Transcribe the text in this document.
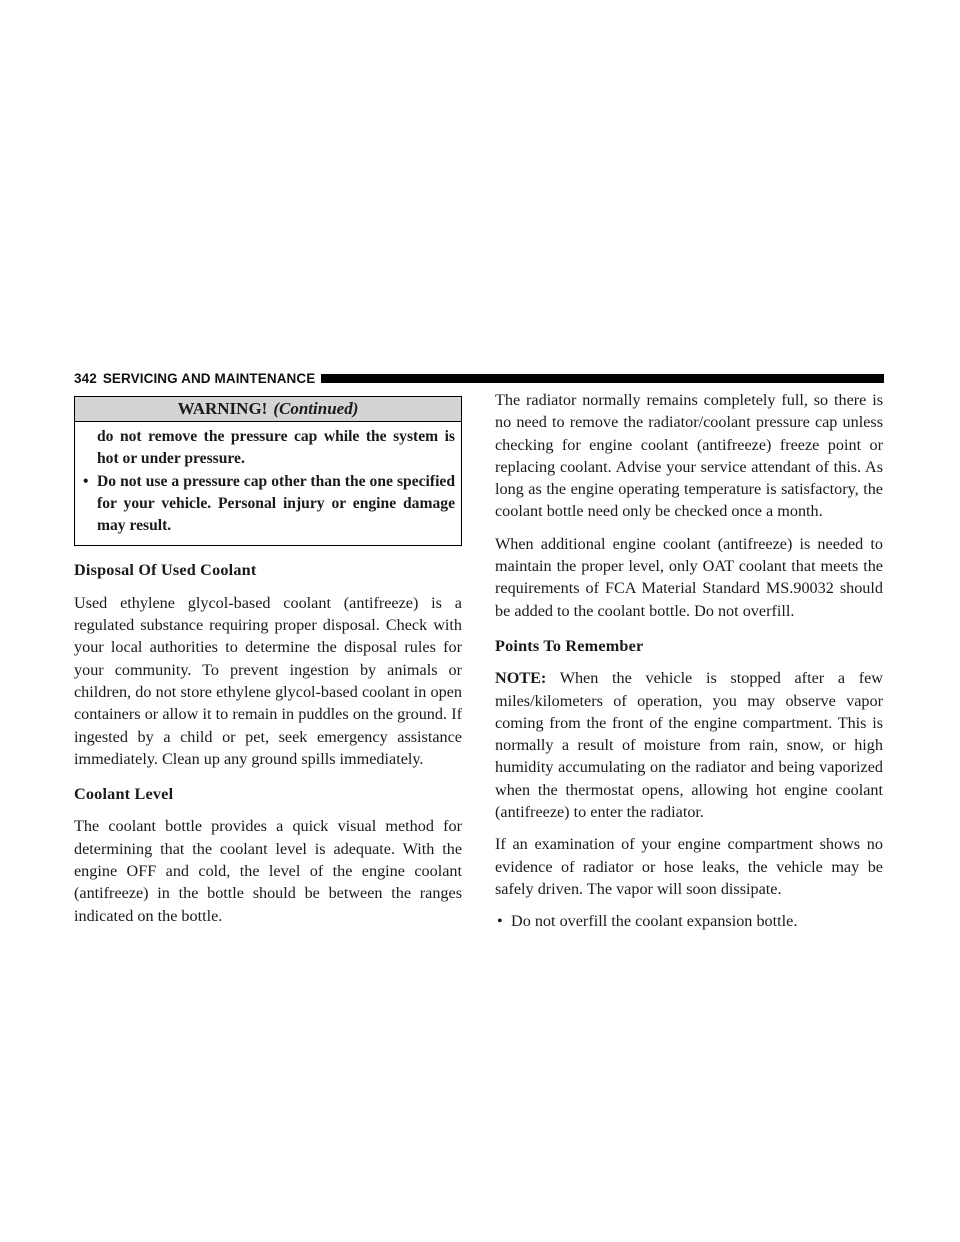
342 SERVICING AND MAINTENANCE
WARNING! (Continued)
do not remove the pressure cap while the system is hot or under pressure.
• Do not use a pressure cap other than the one specified for your vehicle. Personal injury or engine damage may result.
Disposal Of Used Coolant

Used ethylene glycol-based coolant (antifreeze) is a regulated substance requiring proper disposal. Check with your local authorities to determine the disposal rules for your community. To prevent ingestion by animals or children, do not store ethylene glycol-based coolant in open containers or allow it to remain in puddles on the ground. If ingested by a child or pet, seek emergency assistance immediately. Clean up any ground spills immediately.

Coolant Level

The coolant bottle provides a quick visual method for determining that the coolant level is adequate. With the engine OFF and cold, the level of the engine coolant (antifreeze) in the bottle should be between the ranges indicated on the bottle.

The radiator normally remains completely full, so there is no need to remove the radiator/coolant pressure cap unless checking for engine coolant (antifreeze) freeze point or replacing coolant. Advise your service attendant of this. As long as the engine operating temperature is satisfactory, the coolant bottle need only be checked once a month.

When additional engine coolant (antifreeze) is needed to maintain the proper level, only OAT coolant that meets the requirements of FCA Material Standard MS.90032 should be added to the coolant bottle. Do not overfill.

Points To Remember

NOTE: When the vehicle is stopped after a few miles/kilometers of operation, you may observe vapor coming from the front of the engine compartment. This is normally a result of moisture from rain, snow, or high humidity accumulating on the radiator and being vaporized when the thermostat opens, allowing hot engine coolant (antifreeze) to enter the radiator.

If an examination of your engine compartment shows no evidence of radiator or hose leaks, the vehicle may be safely driven. The vapor will soon dissipate.

• Do not overfill the coolant expansion bottle.
